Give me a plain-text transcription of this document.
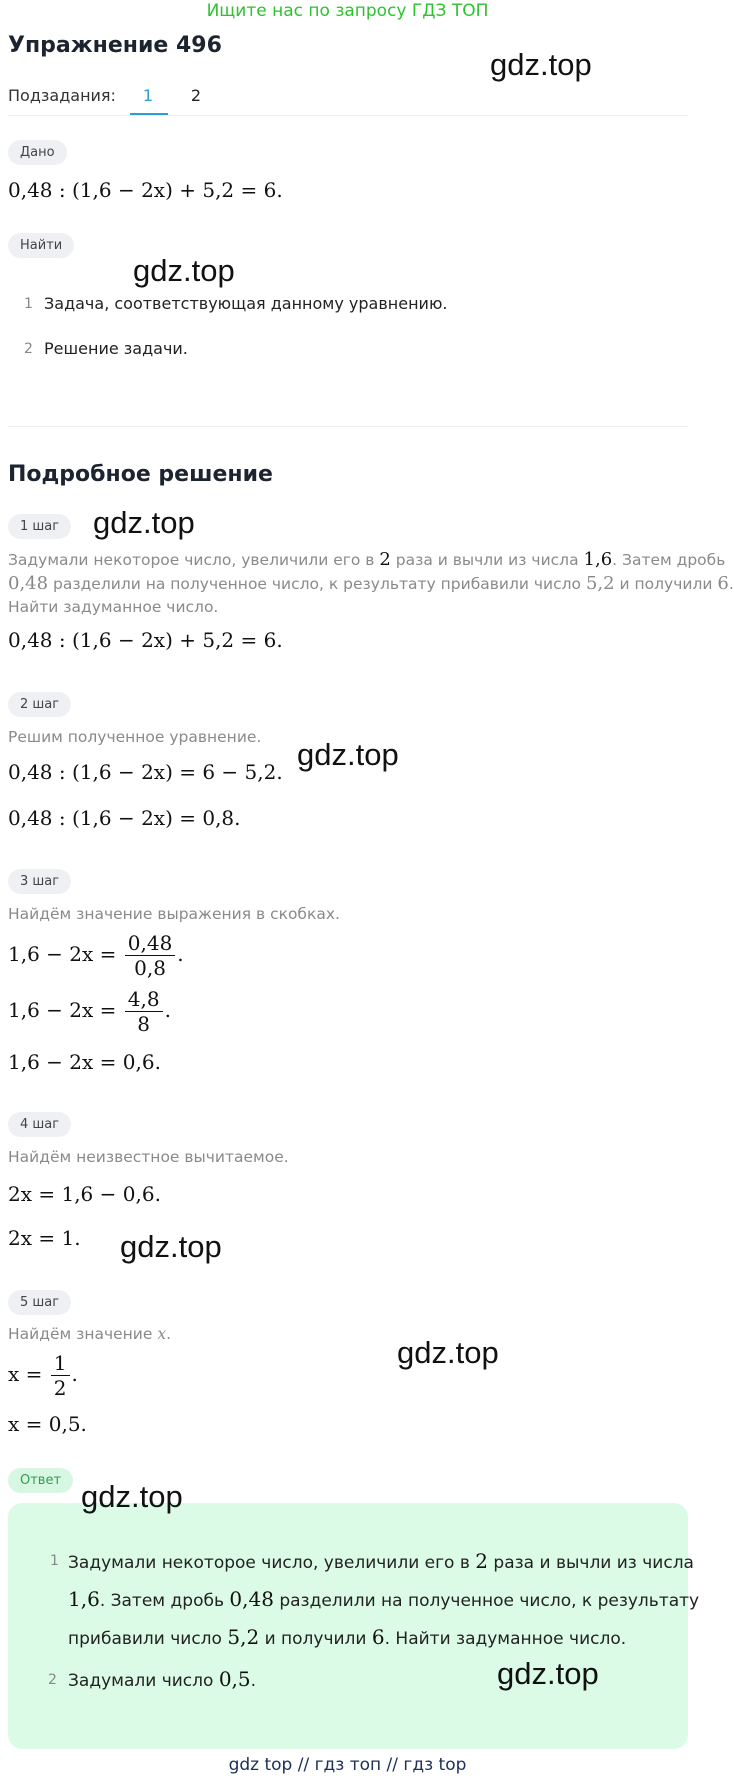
Ищите нас по запросу ГДЗ ТОП
Упражнение 496
gdz.top
Подзадания:	1	2
Дано
0,48 : (1,6 − 2x) + 5,2 = 6.
Найти
gdz.top
1 Задача, соответствующая данному уравнению.
2 Решение задачи.
Подробное решение
1 шаг	gdz.top
Задумали некоторое число, увеличили его в 2 раза и вычли из числа 1,6. Затем дробь
0,48 разделили на полученное число, к результату прибавили число 5,2 и получили 6.
Найти задуманное число.
0,48 : (1,6 − 2x) + 5,2 = 6.
2 шаг
Решим полученное уравнение. gdz.top
0,48 : (1,6 − 2x) = 6 − 5,2.
0,48 : (1,6 − 2x) = 0,8.
3 шаг
Найдём значение выражения в скобках.
$1,6 - 2x = \frac{0,48}{0,8}$ .
$1,6 - 2x = \frac{4,8}{8}$ .
1,6 − 2x = 0,6.
4 шаг
Найдём неизвестное вычитаемое.
2x = 1,6 − 0,6.
2x = 1. gdz.top
5 шаг
Найдём значение x.
gdz.top
$x = \frac{1}{2}$ .
x = 0,5.
Ответ gdz.top
1 Задумали некоторое число, увеличили его в 2 раза и вычли из числа
1,6. Затем дробь 0,48 разделили на полученное число, к результату
прибавили число 5,2 и получили 6. Найти задуманное число.
2 Задумали число 0,5.	gdz.top
gdz top // гдз топ // гдз top
